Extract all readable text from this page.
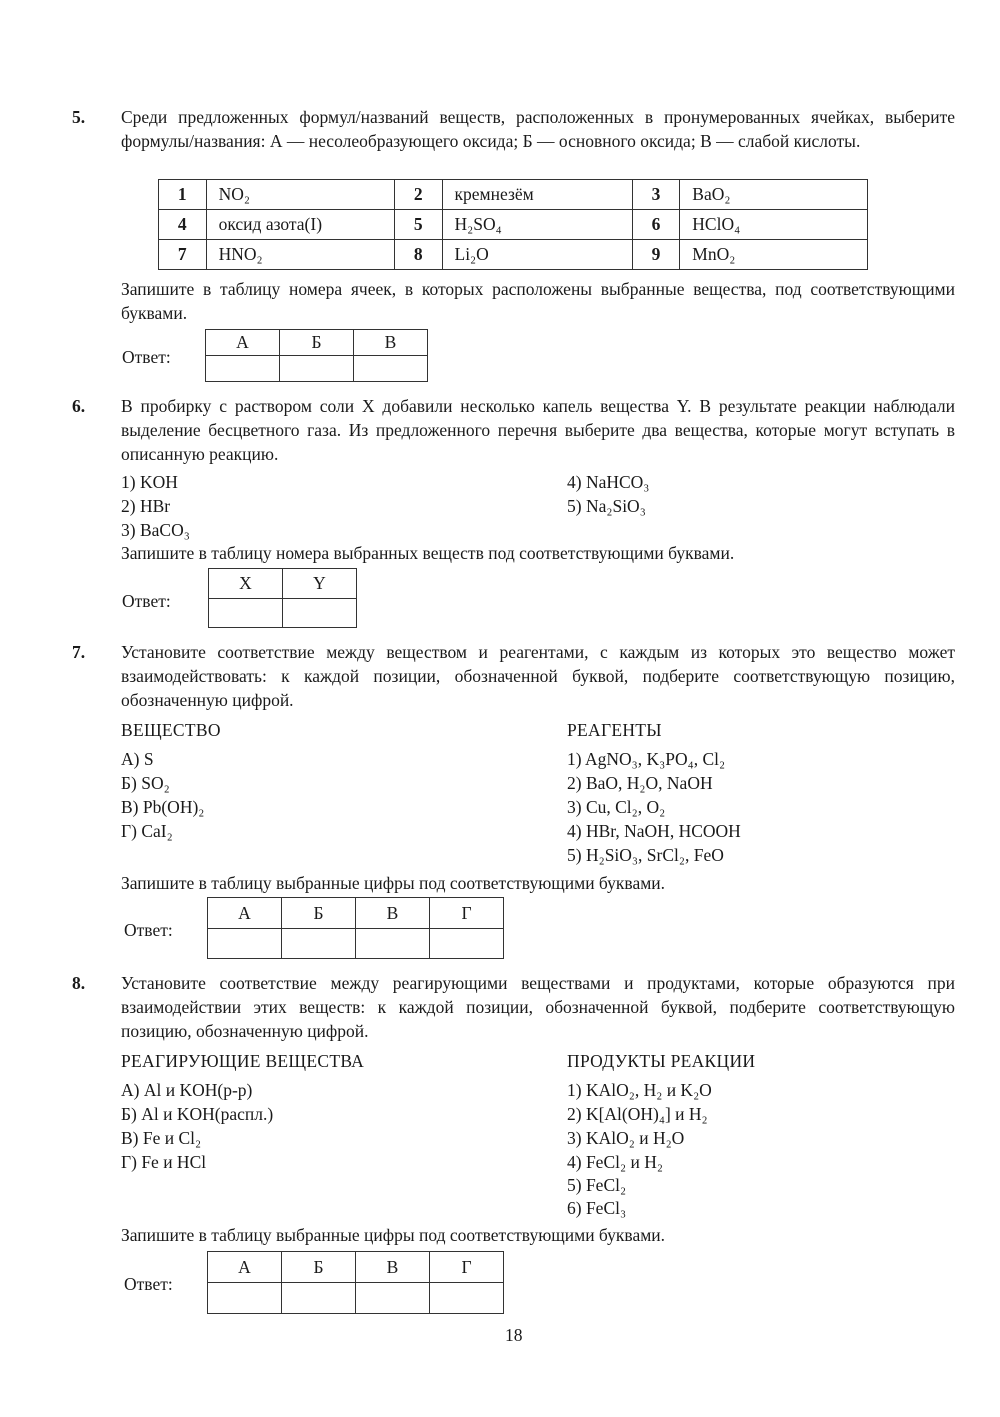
5. Среди предложенных формул/названий веществ, расположенных в пронумерованных ячейках, выберите формулы/названия: А — несолеобразующего оксида; Б — основного оксида; В — слабой кислоты.
1	NO₂	2	кремнезём	3	BaO₂
4	оксид азота(I)	5	H₂SO₄	6	HClO₄
7	HNO₂	8	Li₂O	9	MnO₂
Запишите в таблицу номера ячеек, в которых расположены выбранные вещества, под соответствующими буквами.
Ответ:
А	Б	В

6. В пробирку с раствором соли X добавили несколько капель вещества Y. В результате реакции наблюдали выделение бесцветного газа. Из предложенного перечня выберите два вещества, которые могут вступать в описанную реакцию.
1) KOH
2) HBr
3) BaCO₃
4) NaHCO₃
5) Na₂SiO₃
Запишите в таблицу номера выбранных веществ под соответствующими буквами.
Ответ:
X	Y

7. Установите соответствие между веществом и реагентами, с каждым из которых это вещество может взаимодействовать: к каждой позиции, обозначенной буквой, подберите соответствующую позицию, обозначенную цифрой.
ВЕЩЕСТВО	РЕАГЕНТЫ
А) S
Б) SO₂
В) Pb(OH)₂
Г) CaI₂
1) AgNO₃, K₃PO₄, Cl₂
2) BaO, H₂O, NaOH
3) Cu, Cl₂, O₂
4) HBr, NaOH, HCOOH
5) H₂SiO₃, SrCl₂, FeO
Запишите в таблицу выбранные цифры под соответствующими буквами.
Ответ:
А	Б	В	Г

8. Установите соответствие между реагирующими веществами и продуктами, которые образуются при взаимодействии этих веществ: к каждой позиции, обозначенной буквой, подберите соответствующую позицию, обозначенную цифрой.
РЕАГИРУЮЩИЕ ВЕЩЕСТВА	ПРОДУКТЫ РЕАКЦИИ
А) Al и KOH(р-р)
Б) Al и KOH(распл.)
В) Fe и Cl₂
Г) Fe и HCl
1) KAlO₂, H₂ и K₂O
2) K[Al(OH)₄] и H₂
3) KAlO₂ и H₂O
4) FeCl₂ и H₂
5) FeCl₂
6) FeCl₃
Запишите в таблицу выбранные цифры под соответствующими буквами.
Ответ:
А	Б	В	Г

18
